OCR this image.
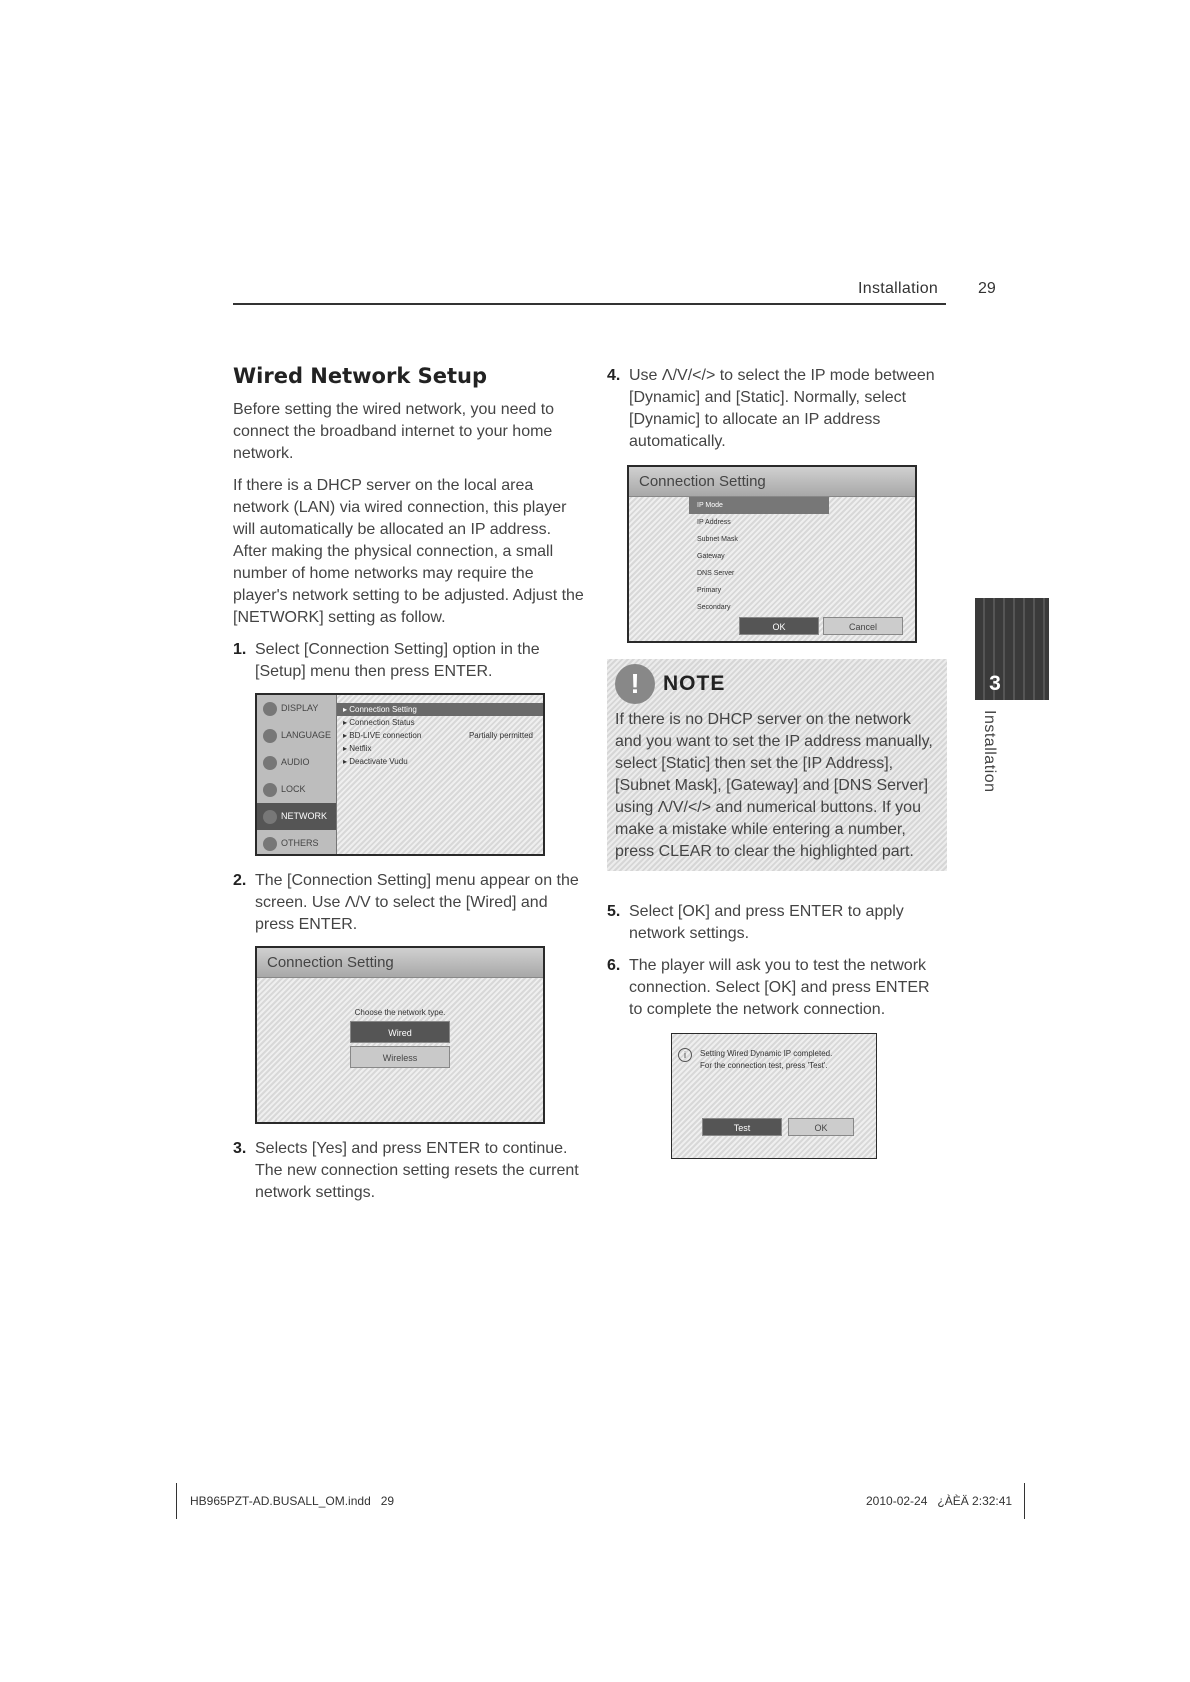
Installation 29
Wired Network Setup

Before setting the wired network, you need to connect the broadband internet to your home network.

If there is a DHCP server on the local area network (LAN) via wired connection, this player will automatically be allocated an IP address. After making the physical connection, a small number of home networks may require the player's network setting to be adjusted. Adjust the [NETWORK] setting as follow.

1. Select [Connection Setting] option in the [Setup] menu then press ENTER.
DISPLAY
LANGUAGE
AUDIO
LOCK
NETWORK
OTHERS
▸ Connection Setting
▸ Connection Status
▸ BD-LIVE connection	Partially permitted
▸ Netflix
▸ Deactivate Vudu
2. The [Connection Setting] menu appear on the screen. Use Λ/V to select the [Wired] and press ENTER.
Connection Setting
Choose the network type.
Wired
Wireless
3. Selects [Yes] and press ENTER to continue. The new connection setting resets the current network settings.
4. Use Λ/V/</> to select the IP mode between [Dynamic] and [Static]. Normally, select [Dynamic] to allocate an IP address automatically.
Connection Setting
IP Mode
IP Address
Subnet Mask
Gateway
DNS Server
Primary
Secondary
OK	Cancel
!	NOTE

If there is no DHCP server on the network and you want to set the IP address manually, select [Static] then set the [IP Address], [Subnet Mask], [Gateway] and [DNS Server] using Λ/V/</> and numerical buttons. If you make a mistake while entering a number, press CLEAR to clear the highlighted part.

5. Select [OK] and press ENTER to apply network settings.
6. The player will ask you to test the network connection. Select [OK] and press ENTER to complete the network connection.
i	Setting Wired Dynamic IP completed.
For the connection test, press 'Test'.
Test	OK
3
Installation
HB965PZT-AD.BUSALL_OM.indd   29	2010-02-24   ¿ÀÈÄ 2:32:41
